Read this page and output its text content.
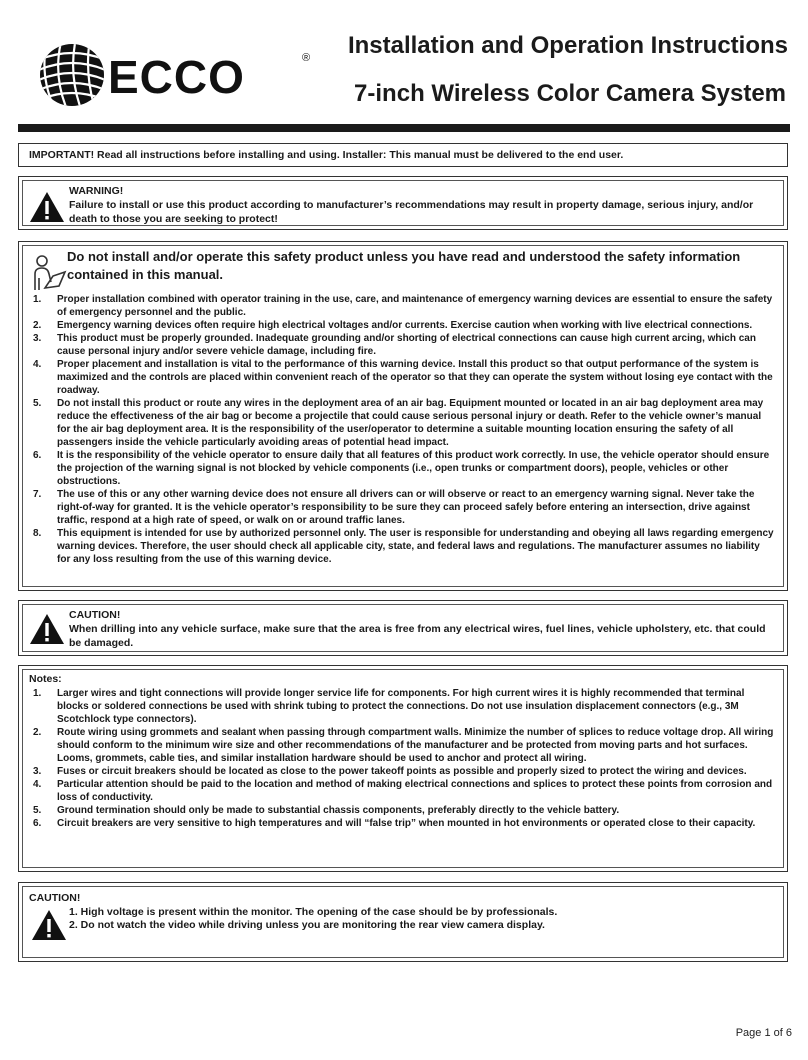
ECCO	® Installation and Operation Instructions
7-inch Wireless Color Camera System
IMPORTANT! Read all instructions before installing and using. Installer: This manual must be delivered to the end user.
WARNING!
Failure to install or use this product according to manufacturer’s recommendations may result in property damage, serious injury, and/or death to those you are seeking to protect!
Do not install and/or operate this safety product unless you have read and understood the safety information contained in this manual.
1. Proper installation combined with operator training in the use, care, and maintenance of emergency warning devices are essential to ensure the safety of emergency personnel and the public.
2. Emergency warning devices often require high electrical voltages and/or currents. Exercise caution when working with live electrical connections.
3. This product must be properly grounded. Inadequate grounding and/or shorting of electrical connections can cause high current arcing, which can cause personal injury and/or severe vehicle damage, including fire.
4. Proper placement and installation is vital to the performance of this warning device. Install this product so that output performance of the system is maximized and the controls are placed within convenient reach of the operator so that they can operate the system without losing eye contact with the roadway.
5. Do not install this product or route any wires in the deployment area of an air bag. Equipment mounted or located in an air bag deployment area may reduce the effectiveness of the air bag or become a projectile that could cause serious personal injury or death. Refer to the vehicle owner’s manual for the air bag deployment area. It is the responsibility of the user/operator to determine a suitable mounting location ensuring the safety of all passengers inside the vehicle particularly avoiding areas of potential head impact.
6. It is the responsibility of the vehicle operator to ensure daily that all features of this product work correctly. In use, the vehicle operator should ensure the projection of the warning signal is not blocked by vehicle components (i.e., open trunks or compartment doors), people, vehicles or other obstructions.
7. The use of this or any other warning device does not ensure all drivers can or will observe or react to an emergency warning signal. Never take the right-of-way for granted. It is the vehicle operator’s responsibility to be sure they can proceed safely before entering an intersection, drive against traffic, respond at a high rate of speed, or walk on or around traffic lanes.
8. This equipment is intended for use by authorized personnel only. The user is responsible for understanding and obeying all laws regarding emergency warning devices. Therefore, the user should check all applicable city, state, and federal laws and regulations. The manufacturer assumes no liability for any loss resulting from the use of this warning device.
CAUTION!
When drilling into any vehicle surface, make sure that the area is free from any electrical wires, fuel lines, vehicle upholstery, etc. that could be damaged.
Notes:
1. Larger wires and tight connections will provide longer service life for components. For high current wires it is highly recommended that terminal blocks or soldered connections be used with shrink tubing to protect the connections. Do not use insulation displacement connectors (e.g., 3M Scotchlock type connectors).
2. Route wiring using grommets and sealant when passing through compartment walls. Minimize the number of splices to reduce voltage drop. All wiring should conform to the minimum wire size and other recommendations of the manufacturer and be protected from moving parts and hot surfaces. Looms, grommets, cable ties, and similar installation hardware should be used to anchor and protect all wiring.
3. Fuses or circuit breakers should be located as close to the power takeoff points as possible and properly sized to protect the wiring and devices.
4. Particular attention should be paid to the location and method of making electrical connections and splices to protect these points from corrosion and loss of conductivity.
5. Ground termination should only be made to substantial chassis components, preferably directly to the vehicle battery.
6. Circuit breakers are very sensitive to high temperatures and will “false trip” when mounted in hot environments or operated close to their capacity.
CAUTION!
1. High voltage is present within the monitor. The opening of the case should be by professionals.
2. Do not watch the video while driving unless you are monitoring the rear view camera display.
Page 1 of 6
